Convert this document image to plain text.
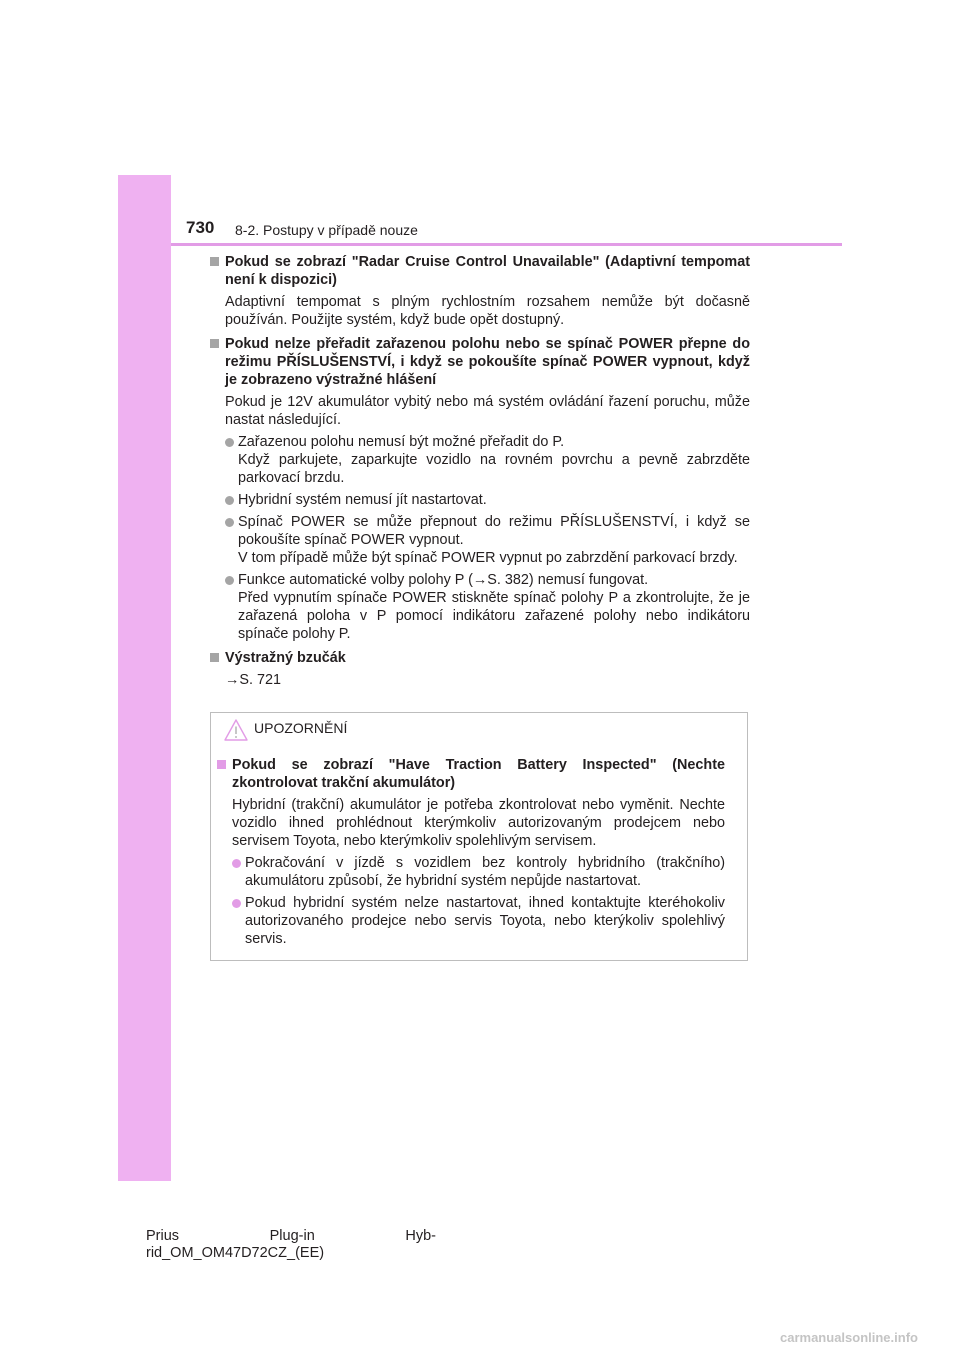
730 8-2. Postupy v případě nouze

Pokud se zobrazí "Radar Cruise Control Unavailable" (Adaptivní tempomat není k dispozici)

Adaptivní tempomat s plným rychlostním rozsahem nemůže být dočasně používán. Použijte systém, když bude opět dostupný.

Pokud nelze přeřadit zařazenou polohu nebo se spínač POWER přepne do režimu PŘÍSLUŠENSTVÍ, i když se pokoušíte spínač POWER vypnout, když je zobrazeno výstražné hlášení

Pokud je 12V akumulátor vybitý nebo má systém ovládání řazení poruchu, může nastat následující.

Zařazenou polohu nemusí být možné přeřadit do P.
Když parkujete, zaparkujte vozidlo na rovném povrchu a pevně zabrzděte parkovací brzdu.

Hybridní systém nemusí jít nastartovat.

Spínač POWER se může přepnout do režimu PŘÍSLUŠENSTVÍ, i když se pokoušíte spínač POWER vypnout.
V tom případě může být spínač POWER vypnut po zabrzdění parkovací brzdy.

Funkce automatické volby polohy P (→S. 382) nemusí fungovat.
Před vypnutím spínače POWER stiskněte spínač polohy P a zkontrolujte, že je zařazená poloha v P pomocí indikátoru zařazené polohy nebo indikátoru spínače polohy P.

Výstražný bzučák

→S. 721

UPOZORNĚNÍ

Pokud se zobrazí "Have Traction Battery Inspected" (Nechte zkontrolovat trakční akumulátor)

Hybridní (trakční) akumulátor je potřeba zkontrolovat nebo vyměnit. Nechte vozidlo ihned prohlédnout kterýmkoliv autorizovaným prodejcem nebo servisem Toyota, nebo kterýmkoliv spolehlivým servisem.

Pokračování v jízdě s vozidlem bez kontroly hybridního (trakčního) akumulátoru způsobí, že hybridní systém nepůjde nastartovat.

Pokud hybridní systém nelze nastartovat, ihned kontaktujte kteréhokoliv autorizovaného prodejce nebo servis Toyota, nebo kterýkoliv spolehlivý servis.

Prius	Plug-in	Hyb-
rid_OM_OM47D72CZ_(EE)
carmanualsonline.info
